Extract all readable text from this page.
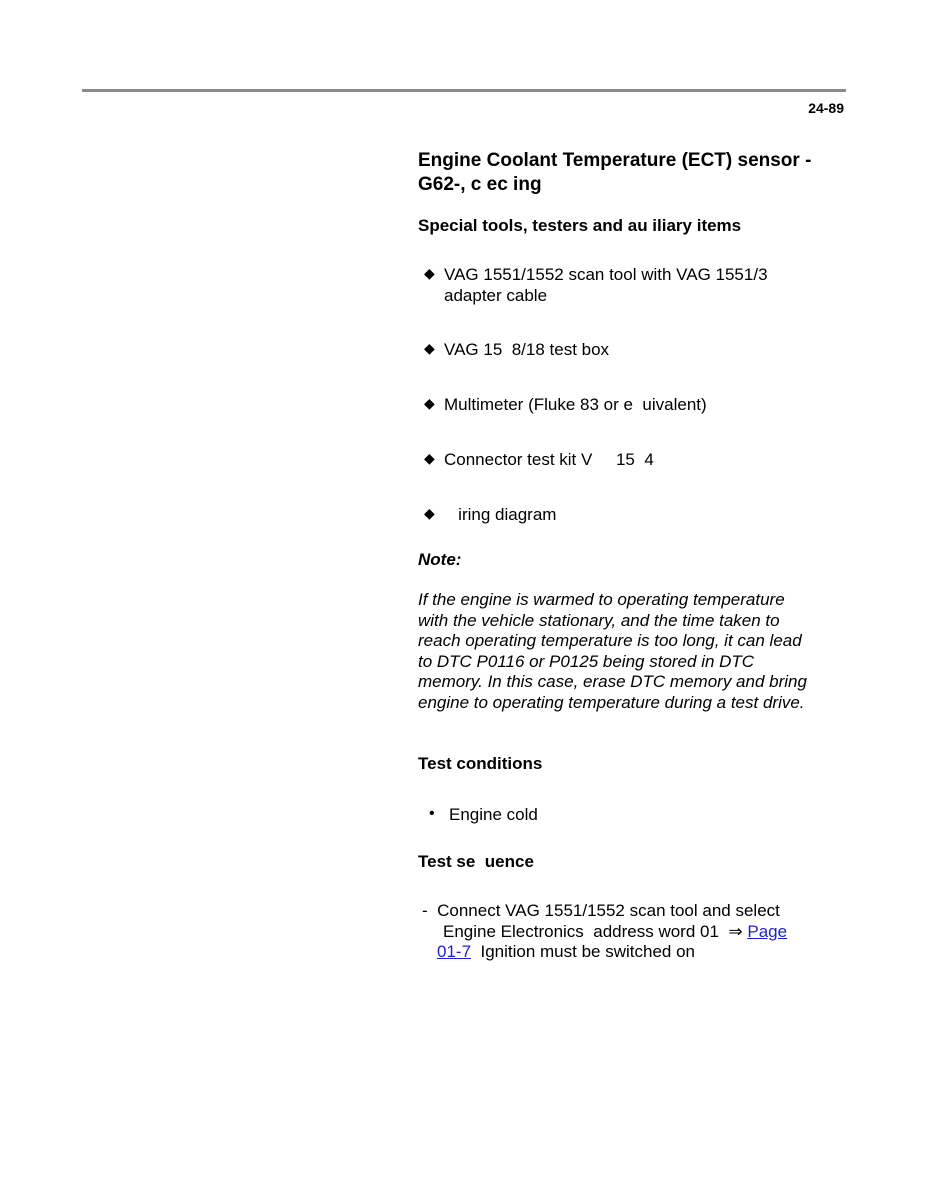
24-89
Engine Coolant Temperature (ECT) sensor -G62-, c ec ing

Special tools, testers and au iliary items

◆ VAG 1551/1552 scan tool with VAG 1551/3 adapter cable
◆ VAG 15  8/18 test box
◆ Multimeter (Fluke 83 or e  uivalent)
◆ Connector test kit V     15  4
◆ iring diagram

Note:

If the engine is warmed to operating temperature with the vehicle stationary, and the time taken to reach operating temperature is too long, it can lead to DTC P0116 or P0125 being stored in DTC memory. In this case, erase DTC memory and bring engine to operating temperature during a test drive.

Test conditions

• Engine cold

Test se  uence

- Connect VAG 1551/1552 scan tool and select
Engine Electronics  address word 01 ⇒ Page
01-7  Ignition must be switched on
